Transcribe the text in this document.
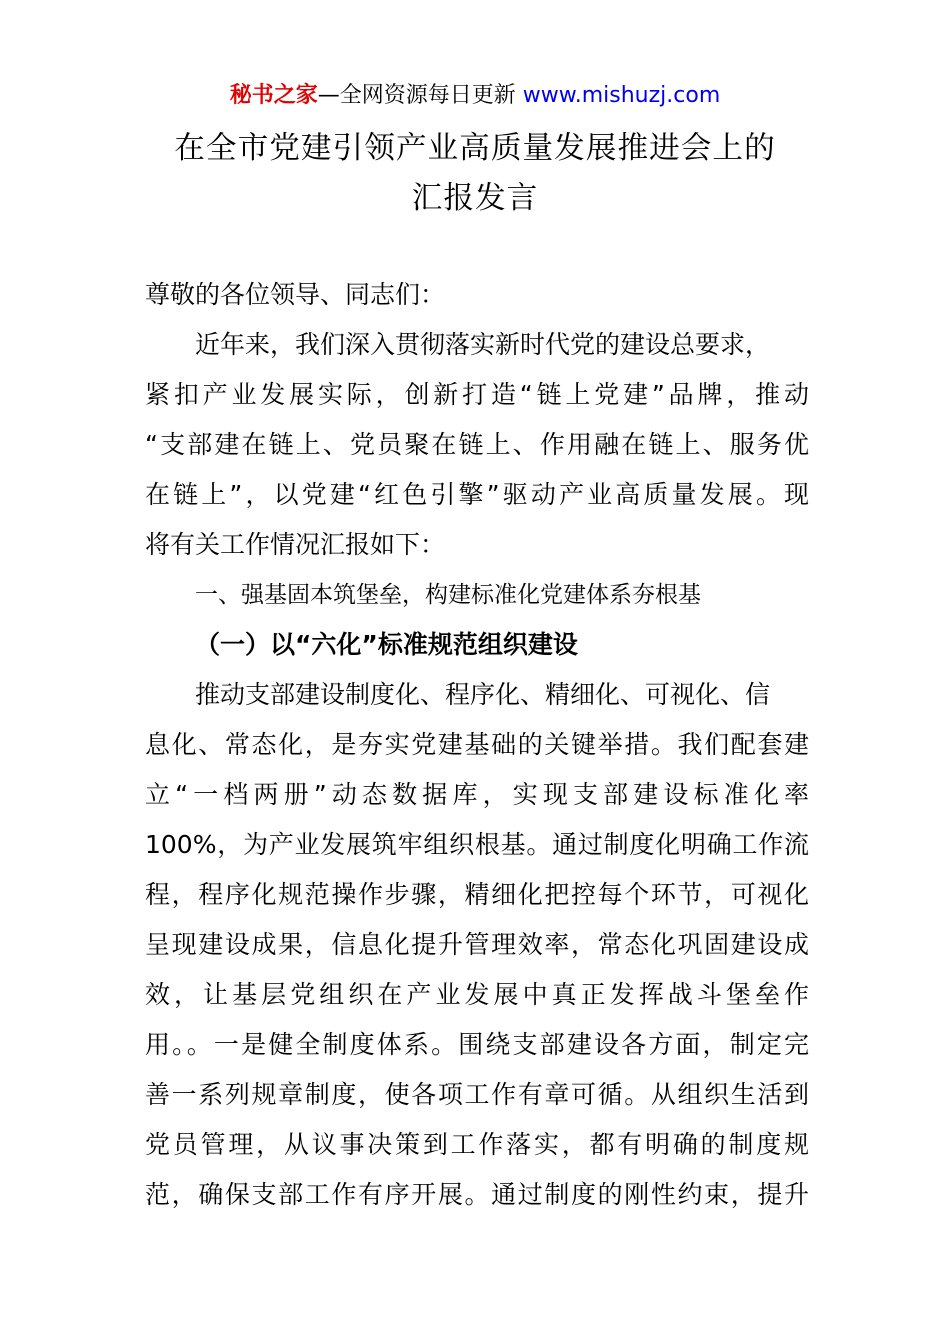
秘书之家—全网资源每日更新 www.mishuzj.com
在全市党建引领产业高质量发展推进会上的
汇报发言
尊敬的各位领导、同志们：
近年来，我们深入贯彻落实新时代党的建设总要求，
紧扣产业发展实际，创新打造“链上党建”品牌，推动
“支部建在链上、党员聚在链上、作用融在链上、服务优
在链上”，以党建“红色引擎”驱动产业高质量发展。现
将有关工作情况汇报如下：
一、强基固本筑堡垒，构建标准化党建体系夯根基
（一）以“六化”标准规范组织建设
推动支部建设制度化、程序化、精细化、可视化、信
息化、常态化，是夯实党建基础的关键举措。我们配套建
立“一档两册”动态数据库，实现支部建设标准化率
100%，为产业发展筑牢组织根基。通过制度化明确工作流
程，程序化规范操作步骤，精细化把控每个环节，可视化
呈现建设成果，信息化提升管理效率，常态化巩固建设成
效，让基层党组织在产业发展中真正发挥战斗堡垒作
用。。一是健全制度体系。围绕支部建设各方面，制定完
善一系列规章制度，使各项工作有章可循。从组织生活到
党员管理，从议事决策到工作落实，都有明确的制度规
范，确保支部工作有序开展。通过制度的刚性约束，提升
